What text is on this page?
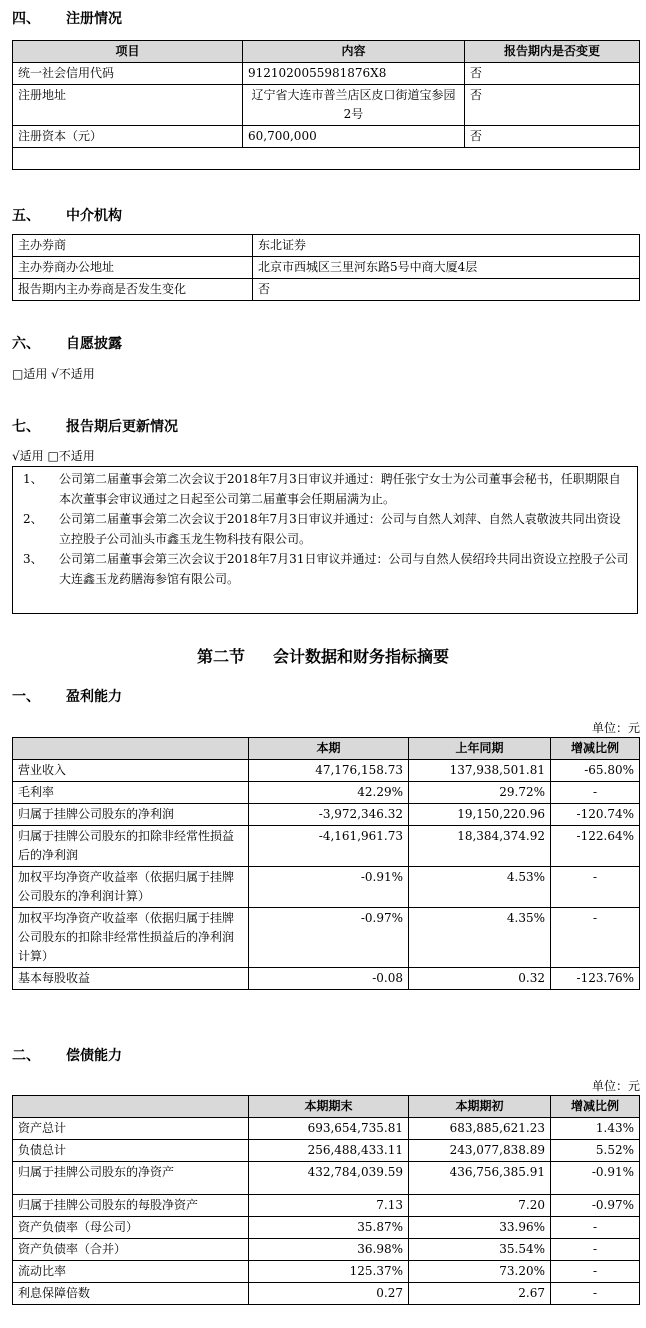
四、 注册情况
项目	内容	报告期内是否变更
统一社会信用代码	9121020055981876X8	否
注册地址	辽宁省大连市普兰店区皮口街道宝参园2号	否
注册资本（元）	60,700,000	否

五、 中介机构
主办券商	东北证券
主办券商办公地址	北京市西城区三里河东路5号中商大厦4层
报告期内主办券商是否发生变化	否
六、 自愿披露
□适用 √不适用
七、 报告期后更新情况
√适用 □不适用
1、 公司第二届董事会第二次会议于2018年7月3日审议并通过：聘任张宁女士为公司董事会秘书，任职期限自本次董事会审议通过之日起至公司第二届董事会任期届满为止。
2、 公司第二届董事会第二次会议于2018年7月3日审议并通过：公司与自然人刘萍、自然人袁敬波共同出资设立控股子公司汕头市鑫玉龙生物科技有限公司。
3、 公司第二届董事会第三次会议于2018年7月31日审议并通过：公司与自然人侯绍玲共同出资设立控股子公司大连鑫玉龙药膳海参馆有限公司。
第二节 会计数据和财务指标摘要
一、 盈利能力
单位：元
	本期	上年同期	增减比例
营业收入	47,176,158.73	137,938,501.81	-65.80%
毛利率	42.29%	29.72%	-
归属于挂牌公司股东的净利润	-3,972,346.32	19,150,220.96	-120.74%
归属于挂牌公司股东的扣除非经常性损益后的净利润	-4,161,961.73	18,384,374.92	-122.64%
加权平均净资产收益率（依据归属于挂牌公司股东的净利润计算）	-0.91%	4.53%	-
加权平均净资产收益率（依据归属于挂牌公司股东的扣除非经常性损益后的净利润计算）	-0.97%	4.35%	-
基本每股收益	-0.08	0.32	-123.76%
二、 偿债能力
单位：元
	本期期末	本期期初	增减比例
资产总计	693,654,735.81	683,885,621.23	1.43%
负债总计	256,488,433.11	243,077,838.89	5.52%
归属于挂牌公司股东的净资产	432,784,039.59	436,756,385.91	-0.91%
归属于挂牌公司股东的每股净资产	7.13	7.20	-0.97%
资产负债率（母公司）	35.87%	33.96%	-
资产负债率（合并）	36.98%	35.54%	-
流动比率	125.37%	73.20%	-
利息保障倍数	0.27	2.67	-
